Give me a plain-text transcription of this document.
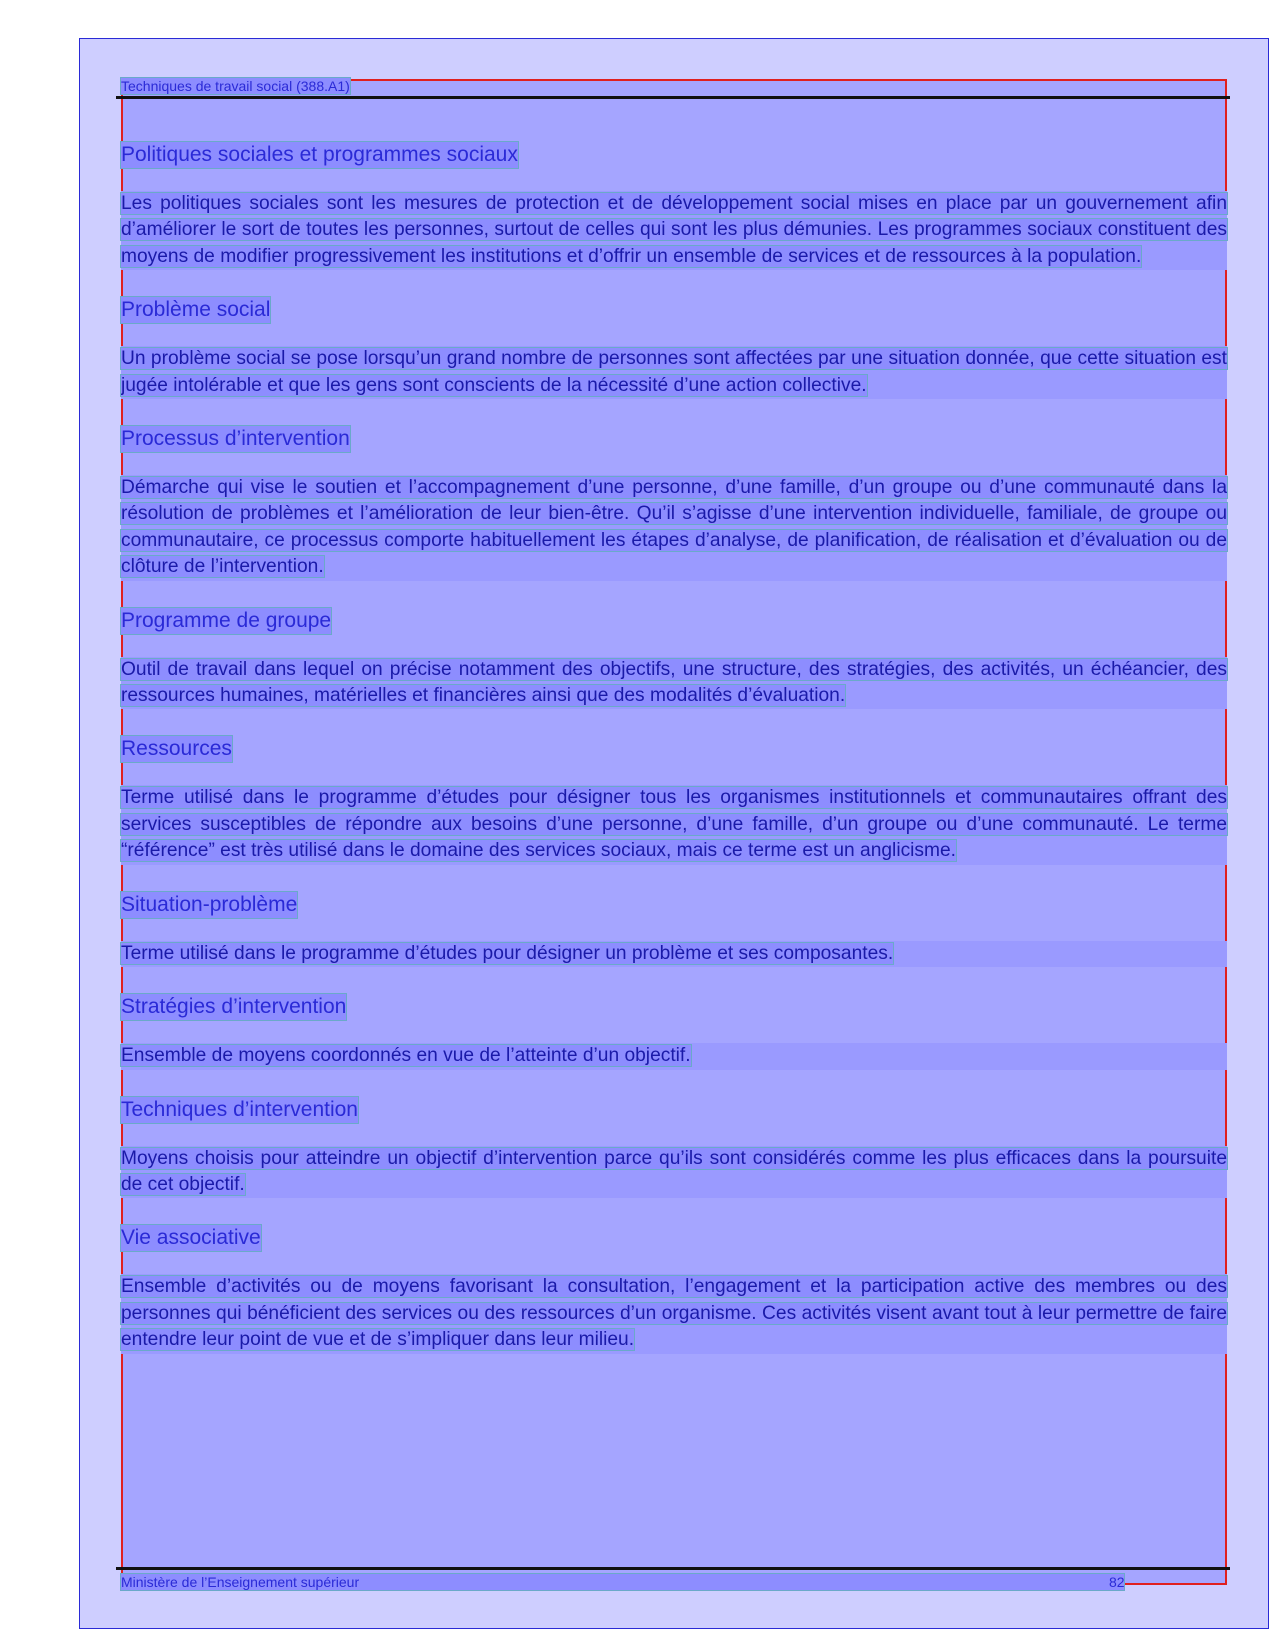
Techniques de travail social (388.A1)
Politiques sociales et programmes sociaux

Les politiques sociales sont les mesures de protection et de développement social mises en place par un gouvernement afin d’améliorer le sort de toutes les personnes, surtout de celles qui sont les plus démunies. Les programmes sociaux constituent des moyens de modifier progressivement les institutions et d’offrir un ensemble de services et de ressources à la population.

Problème social

Un problème social se pose lorsqu’un grand nombre de personnes sont affectées par une situation donnée, que cette situation est jugée intolérable et que les gens sont conscients de la nécessité d’une action collective.

Processus d’intervention

Démarche qui vise le soutien et l’accompagnement d’une personne, d’une famille, d’un groupe ou d’une communauté dans la résolution de problèmes et l’amélioration de leur bien-être. Qu’il s’agisse d’une intervention individuelle, familiale, de groupe ou communautaire, ce processus comporte habituellement les étapes d’analyse, de planification, de réalisation et d’évaluation ou de clôture de l’intervention.

Programme de groupe

Outil de travail dans lequel on précise notamment des objectifs, une structure, des stratégies, des activités, un échéancier, des ressources humaines, matérielles et financières ainsi que des modalités d’évaluation.

Ressources

Terme utilisé dans le programme d’études pour désigner tous les organismes institutionnels et communautaires offrant des services susceptibles de répondre aux besoins d’une personne, d’une famille, d’un groupe ou d’une communauté. Le terme “référence” est très utilisé dans le domaine des services sociaux, mais ce terme est un anglicisme.

Situation-problème

Terme utilisé dans le programme d’études pour désigner un problème et ses composantes.

Stratégies d’intervention

Ensemble de moyens coordonnés en vue de l’atteinte d’un objectif.

Techniques d’intervention

Moyens choisis pour atteindre un objectif d’intervention parce qu’ils sont considérés comme les plus efficaces dans la poursuite de cet objectif.

Vie associative

Ensemble d’activités ou de moyens favorisant la consultation, l’engagement et la participation active des membres ou des personnes qui bénéficient des services ou des ressources d’un organisme. Ces activités visent avant tout à leur permettre de faire entendre leur point de vue et de s’impliquer dans leur milieu.

Ministère de l’Enseignement supérieur	82
